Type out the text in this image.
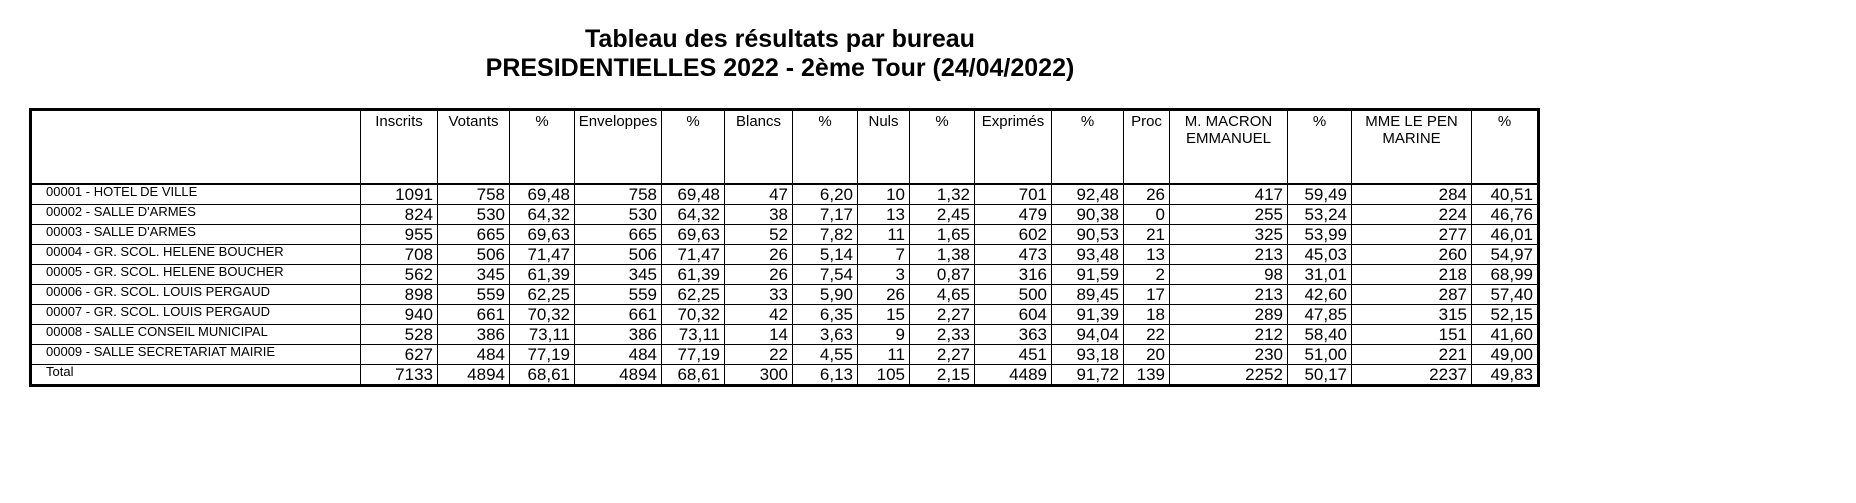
Tableau des résultats par bureau
PRESIDENTIELLES 2022 - 2ème Tour (24/04/2022)
	Inscrits	Votants	%	Enveloppes	%	Blancs	%	Nuls	%	Exprimés	%	Proc	M. MACRON EMMANUEL	%	MME LE PEN MARINE	%
00001 - HOTEL DE VILLE	1091	758	69,48	758	69,48	47	6,20	10	1,32	701	92,48	26	417	59,49	284	40,51
00002 - SALLE D'ARMES	824	530	64,32	530	64,32	38	7,17	13	2,45	479	90,38	0	255	53,24	224	46,76
00003 - SALLE D'ARMES	955	665	69,63	665	69,63	52	7,82	11	1,65	602	90,53	21	325	53,99	277	46,01
00004 - GR. SCOL. HELENE BOUCHER	708	506	71,47	506	71,47	26	5,14	7	1,38	473	93,48	13	213	45,03	260	54,97
00005 - GR. SCOL. HELENE BOUCHER	562	345	61,39	345	61,39	26	7,54	3	0,87	316	91,59	2	98	31,01	218	68,99
00006 - GR. SCOL. LOUIS PERGAUD	898	559	62,25	559	62,25	33	5,90	26	4,65	500	89,45	17	213	42,60	287	57,40
00007 - GR. SCOL. LOUIS PERGAUD	940	661	70,32	661	70,32	42	6,35	15	2,27	604	91,39	18	289	47,85	315	52,15
00008 - SALLE CONSEIL MUNICIPAL	528	386	73,11	386	73,11	14	3,63	9	2,33	363	94,04	22	212	58,40	151	41,60
00009 - SALLE SECRETARIAT MAIRIE	627	484	77,19	484	77,19	22	4,55	11	2,27	451	93,18	20	230	51,00	221	49,00
Total	7133	4894	68,61	4894	68,61	300	6,13	105	2,15	4489	91,72	139	2252	50,17	2237	49,83
